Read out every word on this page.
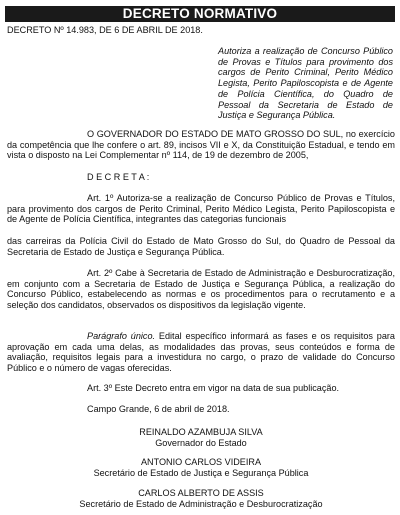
DECRETO NORMATIVO
DECRETO Nº 14.983, DE 6 DE ABRIL DE 2018.
Autoriza a realização de Concurso Público de Provas e Títulos para provimento dos cargos de Perito Criminal, Perito Médico Legista, Perito Papiloscopista e de Agente de Polícia Científica, do Quadro de Pessoal da Secretaria de Estado de Justiça e Segurança Pública.
O GOVERNADOR DO ESTADO DE MATO GROSSO DO SUL, no exercício da competência que lhe confere o art. 89, incisos VII e X, da Constituição Estadual, e tendo em vista o disposto na Lei Complementar nº 114, de 19 de dezembro de 2005,
D E C R E T A :
Art. 1º Autoriza-se a realização de Concurso Público de Provas e Títulos, para provimento dos cargos de Perito Criminal, Perito Médico Legista, Perito Papiloscopista e de Agente de Polícia Científica, integrantes das categorias funcionais
das carreiras da Polícia Civil do Estado de Mato Grosso do Sul, do Quadro de Pessoal da Secretaria de Estado de Justiça e Segurança Pública.
Art. 2º Cabe à Secretaria de Estado de Administração e Desburocratização, em conjunto com a Secretaria de Estado de Justiça e Segurança Pública, a realização do Concurso Público, estabelecendo as normas e os procedimentos para o recrutamento e a seleção dos candidatos, observados os dispositivos da legislação vigente.
Parágrafo único. Edital específico informará as fases e os requisitos para aprovação em cada uma delas, as modalidades das provas, seus conteúdos e forma de avaliação, requisitos legais para a investidura no cargo, o prazo de validade do Concurso Público e o número de vagas oferecidas.
Art. 3º Este Decreto entra em vigor na data de sua publicação.
Campo Grande, 6 de abril de 2018.
REINALDO AZAMBUJA SILVA
Governador do Estado
ANTONIO CARLOS VIDEIRA
Secretário de Estado de Justiça e Segurança Pública
CARLOS ALBERTO DE ASSIS
Secretário de Estado de Administração e Desburocratização
